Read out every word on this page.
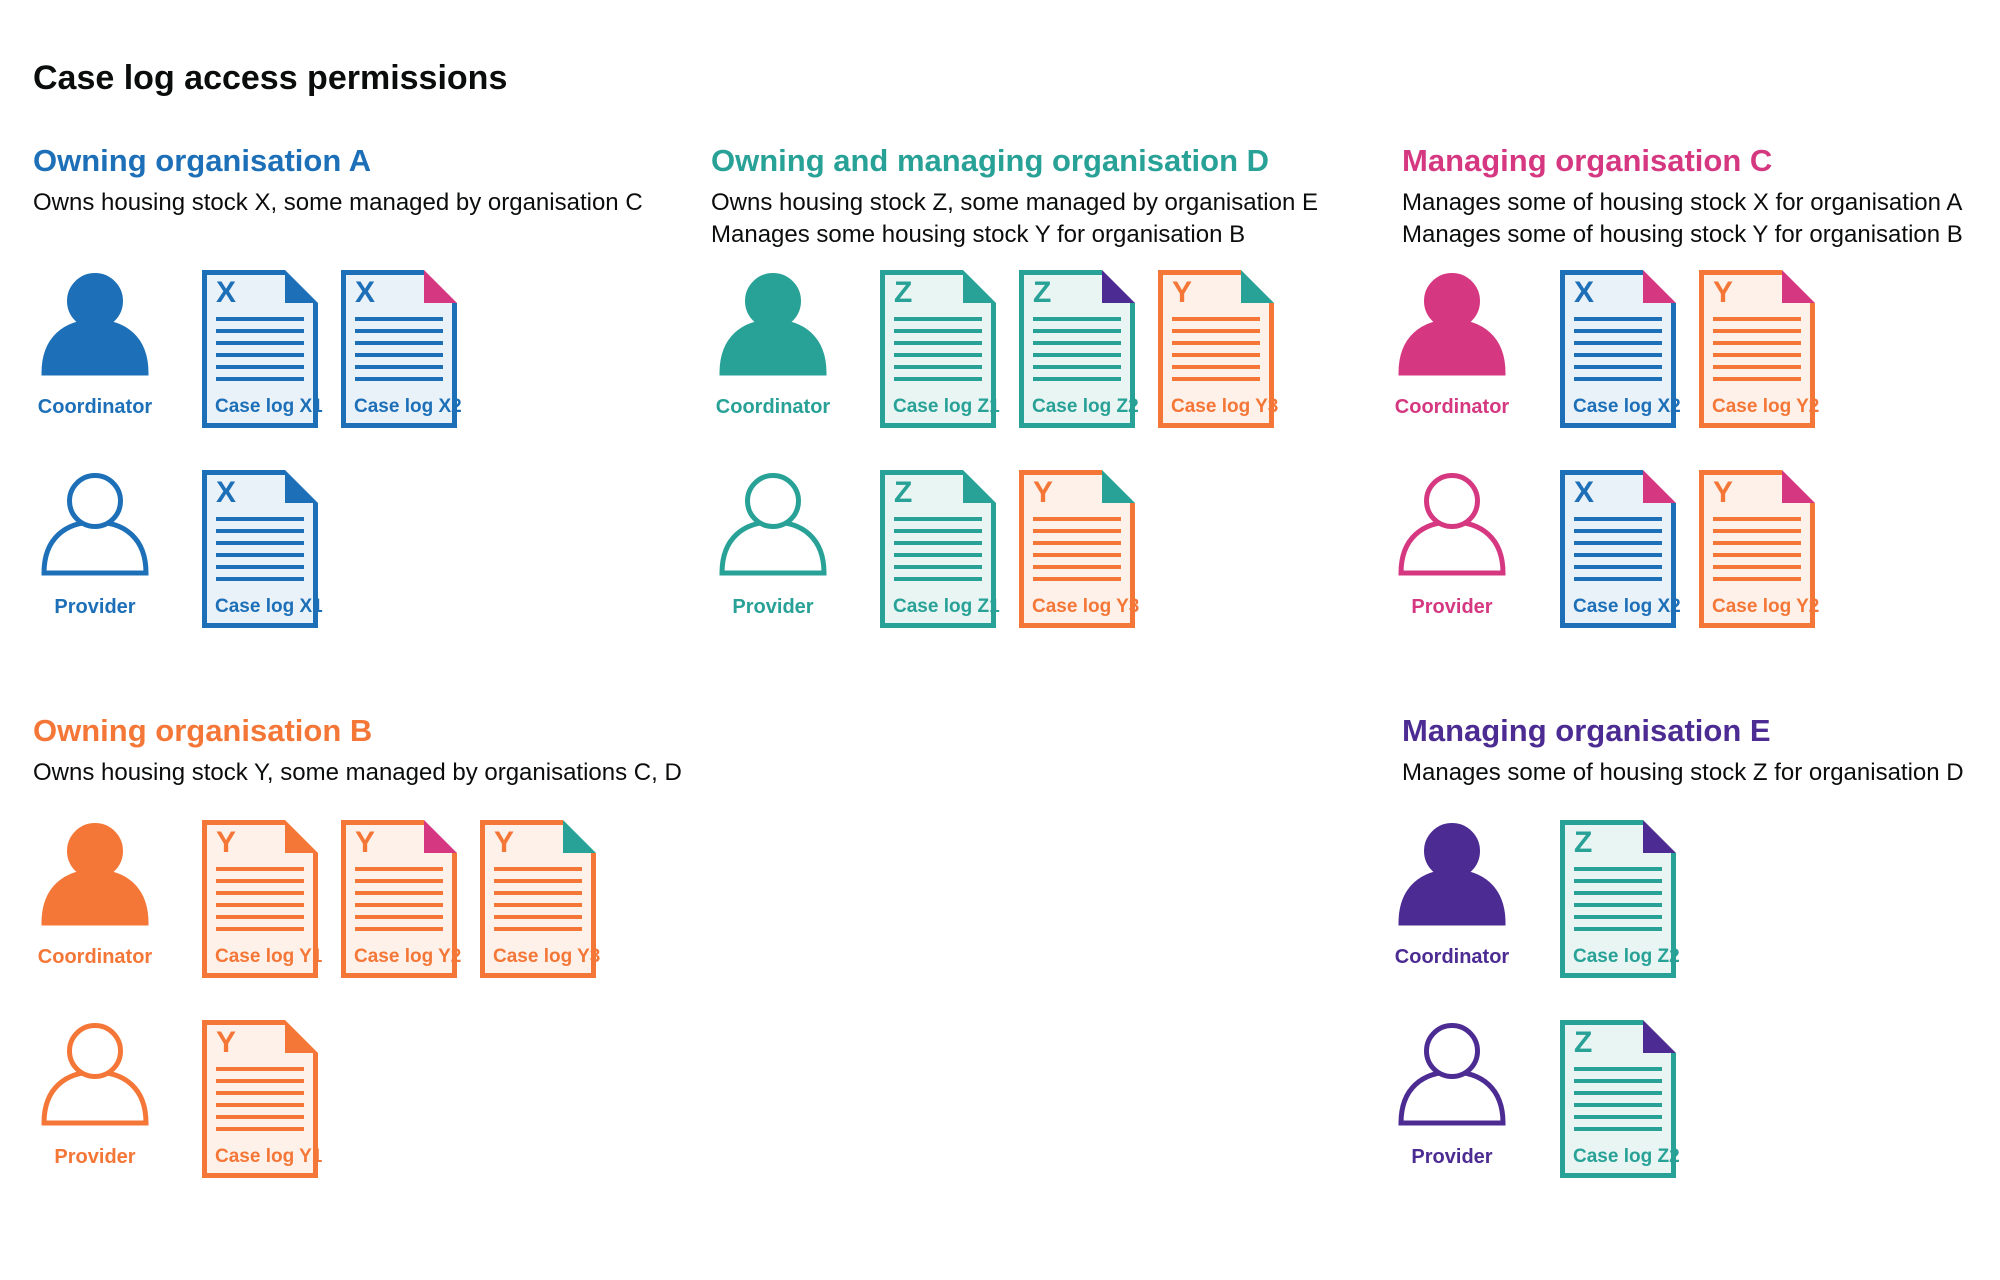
Case log access permissions
Owning organisation A
Owns housing stock X, some managed by organisation C
Coordinator
Provider
X
Case log X1
X
Case log X2
X
Case log X1
Owning and managing organisation D
Owns housing stock Z, some managed by organisation E
Manages some housing stock Y for organisation B
Coordinator
Provider
Z
Case log Z1
Z
Case log Z2
Y
Case log Y3
Z
Case log Z1
Y
Case log Y3
Managing organisation C
Manages some of housing stock X for organisation A
Manages some of housing stock Y for organisation B
Coordinator
Provider
X
Case log X2
Y
Case log Y2
X
Case log X2
Y
Case log Y2
Owning organisation B
Owns housing stock Y, some managed by organisations C, D
Coordinator
Provider
Y
Case log Y1
Y
Case log Y2
Y
Case log Y3
Y
Case log Y1
Managing organisation E
Manages some of housing stock Z for organisation D
Coordinator
Provider
Z
Case log Z2
Z
Case log Z2
